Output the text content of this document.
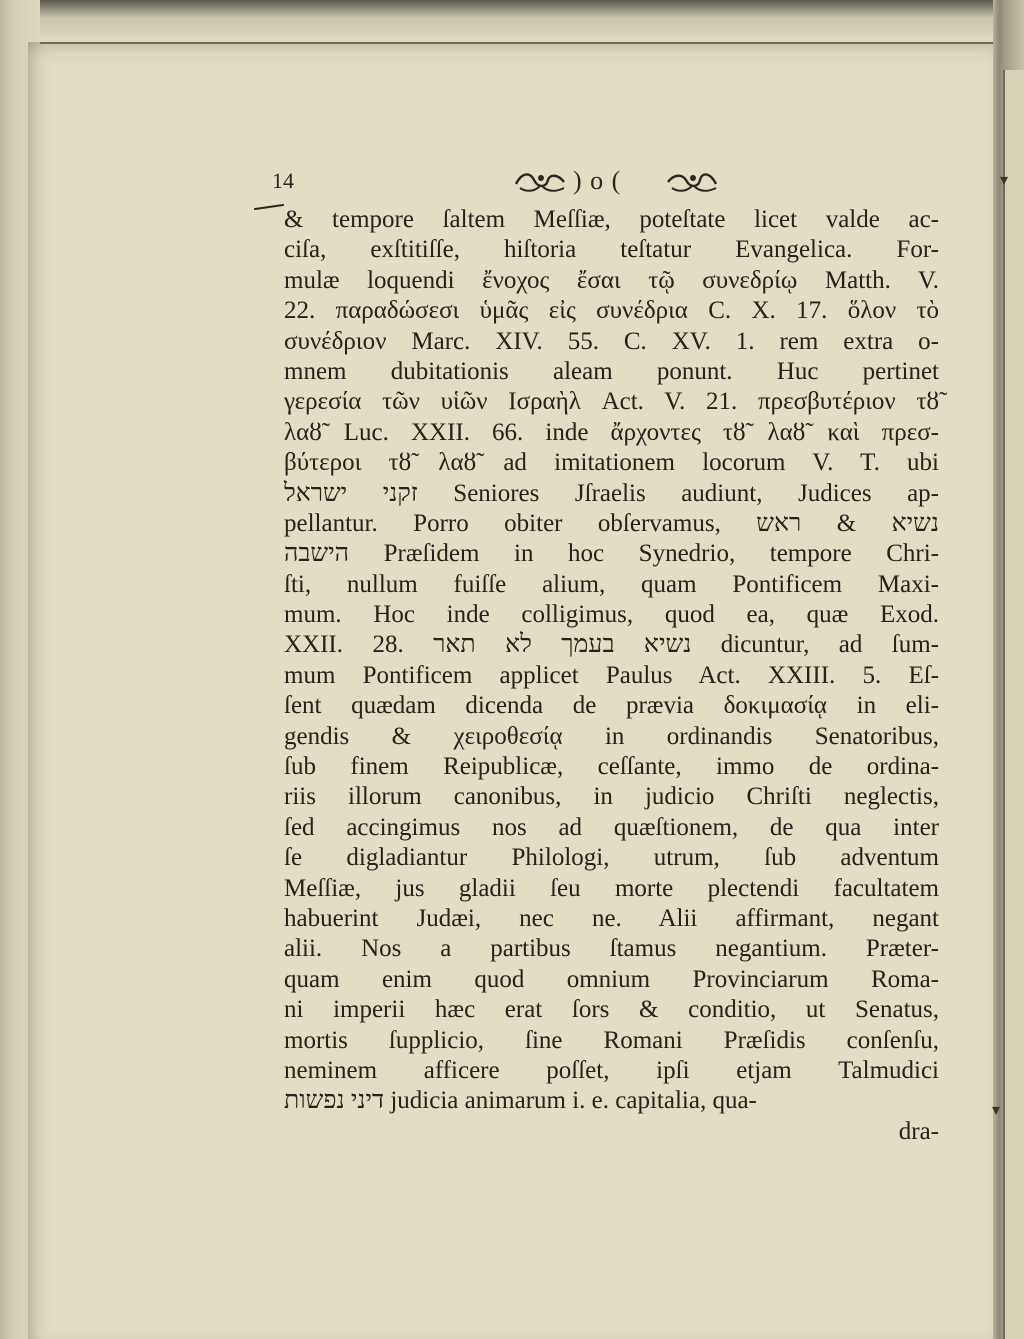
▾
▾
14	) o (
& tempore ſaltem Meſſiæ, poteſtate licet valde ac-
ciſa, exſtitiſſe, hiſtoria teſtatur Evangelica. For-
mulæ loquendi ἔνοχος ἔσαι τῷ συνεδρίῳ Matth. V.
22. παραδώσεσι ὑμᾶς εἰς συνέδρια C. X. 17. ὅλον τὸ
συνέδριον Marc. XIV. 55. C. XV. 1. rem extra o-
mnem dubitationis aleam ponunt. Huc pertinet
γερεσία τῶν υἱῶν Ισραὴλ Act. V. 21. πρεσβυτέριον τȣ̃
λαȣ̃ Luc. XXII. 66. inde ἄρχοντες τȣ̃ λαȣ̃ καὶ πρεσ-
βύτεροι τȣ̃ λαȣ̃ ad imitationem locorum V. T. ubi
זקני ישראל Seniores Jſraelis audiunt, Judices ap-
pellantur. Porro obiter obſervamus, נשיא & ראש
הישבה Præſidem in hoc Synedrio, tempore Chri-
ſti, nullum fuiſſe alium, quam Pontificem Maxi-
mum. Hoc inde colligimus, quod ea, quæ Exod.
XXII. 28. נשיא בעמך לא תאר dicuntur, ad ſum-
mum Pontificem applicet Paulus Act. XXIII. 5. Eſ-
ſent quædam dicenda de prævia δοκιμασίᾳ in eli-
gendis & χειροθεσίᾳ in ordinandis Senatoribus,
ſub finem Reipublicæ, ceſſante, immo de ordina-
riis illorum canonibus, in judicio Chriſti neglectis,
ſed accingimus nos ad quæſtionem, de qua inter
ſe digladiantur Philologi, utrum, ſub adventum
Meſſiæ, jus gladii ſeu morte plectendi facultatem
habuerint Judæi, nec ne. Alii affirmant, negant
alii. Nos a partibus ſtamus negantium. Præter-
quam enim quod omnium Provinciarum Roma-
ni imperii hæc erat ſors & conditio, ut Senatus,
mortis ſupplicio, ſine Romani Præſidis conſenſu,
neminem afficere poſſet, ipſi etjam Talmudici
דיני נפשות judicia animarum i. e. capitalia, qua-
dra-
